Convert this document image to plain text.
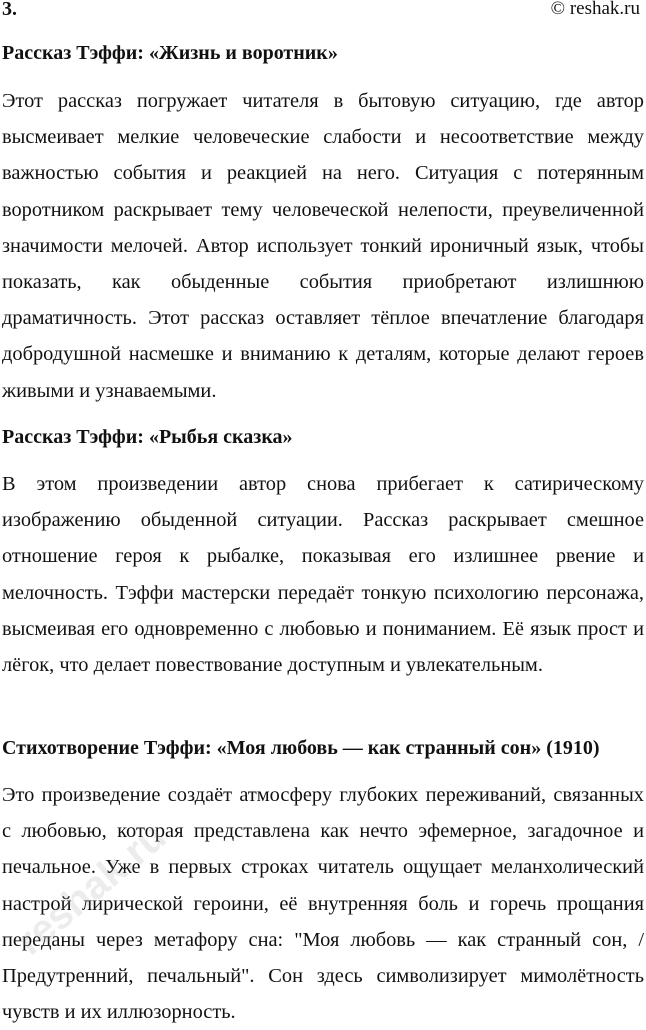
3.	© reshak.ru
Рассказ Тэффи: «Жизнь и воротник»
Этот рассказ погружает читателя в бытовую ситуацию, где автор высмеивает мелкие человеческие слабости и несоответствие между важностью события и реакцией на него. Ситуация с потерянным воротником раскрывает тему человеческой нелепости, преувеличенной значимости мелочей. Автор использует тонкий ироничный язык, чтобы показать, как обыденные события приобретают излишнюю драматичность. Этот рассказ оставляет тёплое впечатление благодаря добродушной насмешке и вниманию к деталям, которые делают героев живыми и узнаваемыми.
Рассказ Тэффи: «Рыбья сказка»
В этом произведении автор снова прибегает к сатирическому изображению обыденной ситуации. Рассказ раскрывает смешное отношение героя к рыбалке, показывая его излишнее рвение и мелочность. Тэффи мастерски передаёт тонкую психологию персонажа, высмеивая его одновременно с любовью и пониманием. Её язык прост и лёгок, что делает повествование доступным и увлекательным.
Стихотворение Тэффи: «Моя любовь — как странный сон» (1910)
Это произведение создаёт атмосферу глубоких переживаний, связанных с любовью, которая представлена как нечто эфемерное, загадочное и печальное. Уже в первых строках читатель ощущает меланхолический настрой лирической героини, её внутренняя боль и горечь прощания переданы через метафору сна: "Моя любовь — как странный сон, / Предутренний, печальный". Сон здесь символизирует мимолётность чувств и их иллюзорность.
reshak.ru
